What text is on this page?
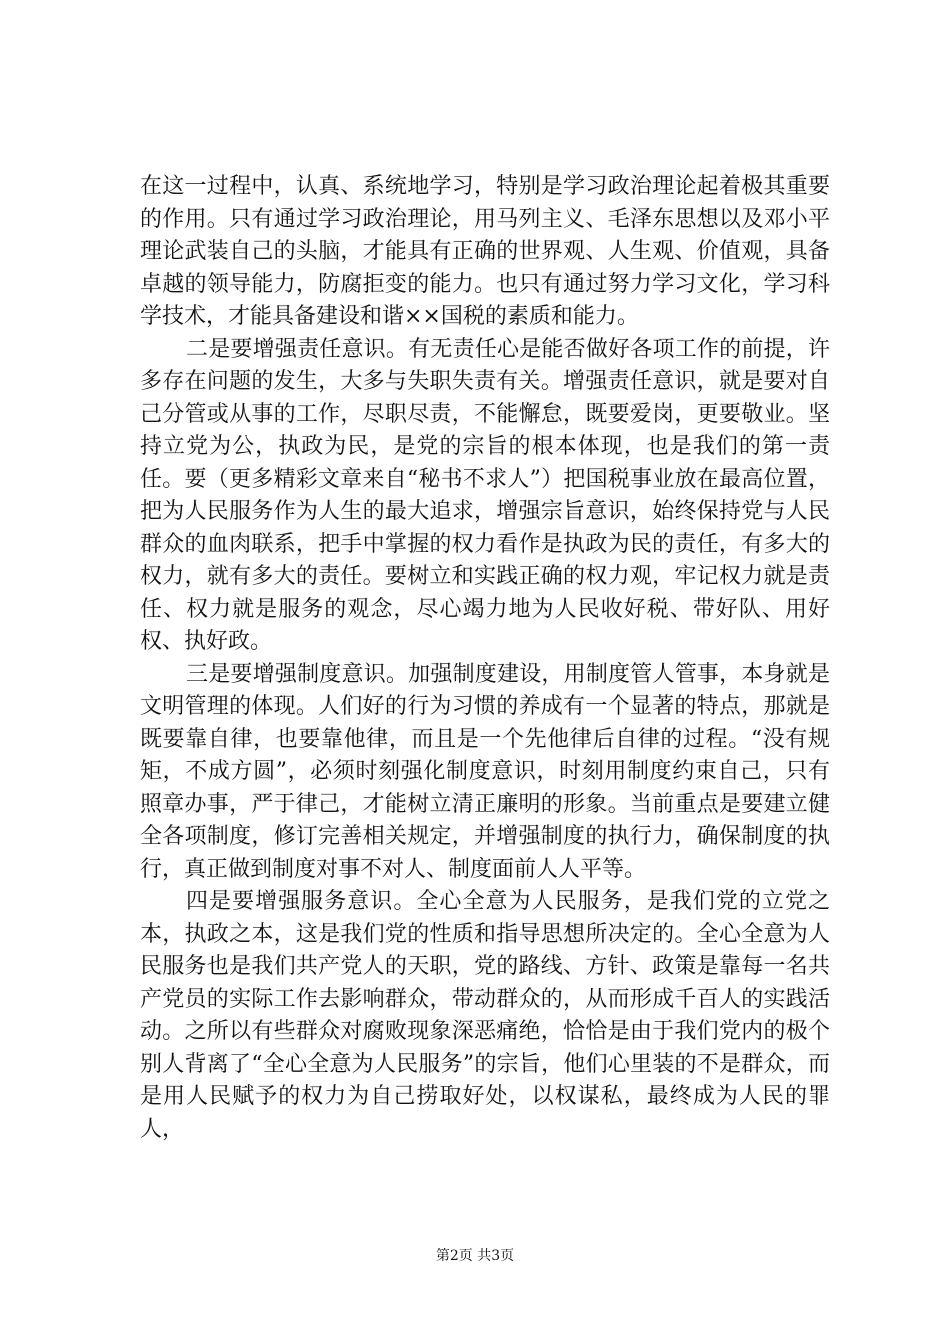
在这一过程中，认真、系统地学习，特别是学习政治理论起着极其重要的作用。只有通过学习政治理论，用马列主义、毛泽东思想以及邓小平理论武装自己的头脑，才能具有正确的世界观、人生观、价值观，具备卓越的领导能力，防腐拒变的能力。也只有通过努力学习文化，学习科学技术，才能具备建设和谐××国税的素质和能力。

二是要增强责任意识。有无责任心是能否做好各项工作的前提，许多存在问题的发生，大多与失职失责有关。增强责任意识，就是要对自己分管或从事的工作，尽职尽责，不能懈怠，既要爱岗，更要敬业。坚持立党为公，执政为民，是党的宗旨的根本体现，也是我们的第一责任。要（更多精彩文章来自“秘书不求人”）把国税事业放在最高位置，把为人民服务作为人生的最大追求，增强宗旨意识，始终保持党与人民群众的血肉联系，把手中掌握的权力看作是执政为民的责任，有多大的权力，就有多大的责任。要树立和实践正确的权力观，牢记权力就是责任、权力就是服务的观念，尽心竭力地为人民收好税、带好队、用好权、执好政。

三是要增强制度意识。加强制度建设，用制度管人管事，本身就是文明管理的体现。人们好的行为习惯的养成有一个显著的特点，那就是既要靠自律，也要靠他律，而且是一个先他律后自律的过程。“没有规矩，不成方圆”，必须时刻强化制度意识，时刻用制度约束自己，只有照章办事，严于律己，才能树立清正廉明的形象。当前重点是要建立健全各项制度，修订完善相关规定，并增强制度的执行力，确保制度的执行，真正做到制度对事不对人、制度面前人人平等。

四是要增强服务意识。全心全意为人民服务，是我们党的立党之本，执政之本，这是我们党的性质和指导思想所决定的。全心全意为人民服务也是我们共产党人的天职，党的路线、方针、政策是靠每一名共产党员的实际工作去影响群众，带动群众的，从而形成千百人的实践活动。之所以有些群众对腐败现象深恶痛绝，恰恰是由于我们党内的极个别人背离了“全心全意为人民服务”的宗旨，他们心里装的不是群众，而是用人民赋予的权力为自己捞取好处，以权谋私，最终成为人民的罪人，

第2页 共3页
